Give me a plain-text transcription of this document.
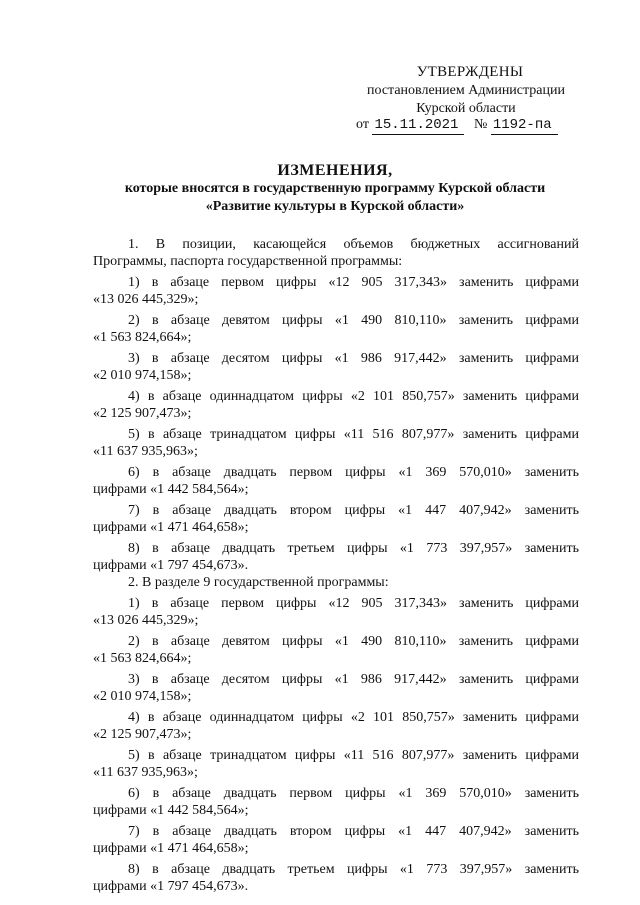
УТВЕРЖДЕНЫ
постановлением Администрации
Курской области
от 15.11.2021 № 1192-па
ИЗМЕНЕНИЯ,
которые вносятся в государственную программу Курской области
«Развитие культуры в Курской области»

1. В позиции, касающейся объемов бюджетных ассигнований

Программы, паспорта государственной программы:

1) в абзаце первом цифры «12 905 317,343» заменить цифрами

«13 026 445,329»;

2) в абзаце девятом цифры «1 490 810,110» заменить цифрами

«1 563 824,664»;

3) в абзаце десятом цифры «1 986 917,442» заменить цифрами

«2 010 974,158»;

4) в абзаце одиннадцатом цифры «2 101 850,757» заменить цифрами

«2 125 907,473»;

5) в абзаце тринадцатом цифры «11 516 807,977» заменить цифрами

«11 637 935,963»;

6) в абзаце двадцать первом цифры «1 369 570,010» заменить

цифрами «1 442 584,564»;

7) в абзаце двадцать втором цифры «1 447 407,942» заменить

цифрами «1 471 464,658»;

8) в абзаце двадцать третьем цифры «1 773 397,957» заменить

цифрами «1 797 454,673».

2. В разделе 9 государственной программы:

1) в абзаце первом цифры «12 905 317,343» заменить цифрами

«13 026 445,329»;

2) в абзаце девятом цифры «1 490 810,110» заменить цифрами

«1 563 824,664»;

3) в абзаце десятом цифры «1 986 917,442» заменить цифрами

«2 010 974,158»;

4) в абзаце одиннадцатом цифры «2 101 850,757» заменить цифрами

«2 125 907,473»;

5) в абзаце тринадцатом цифры «11 516 807,977» заменить цифрами

«11 637 935,963»;

6) в абзаце двадцать первом цифры «1 369 570,010» заменить

цифрами «1 442 584,564»;

7) в абзаце двадцать втором цифры «1 447 407,942» заменить

цифрами «1 471 464,658»;

8) в абзаце двадцать третьем цифры «1 773 397,957» заменить

цифрами «1 797 454,673».
